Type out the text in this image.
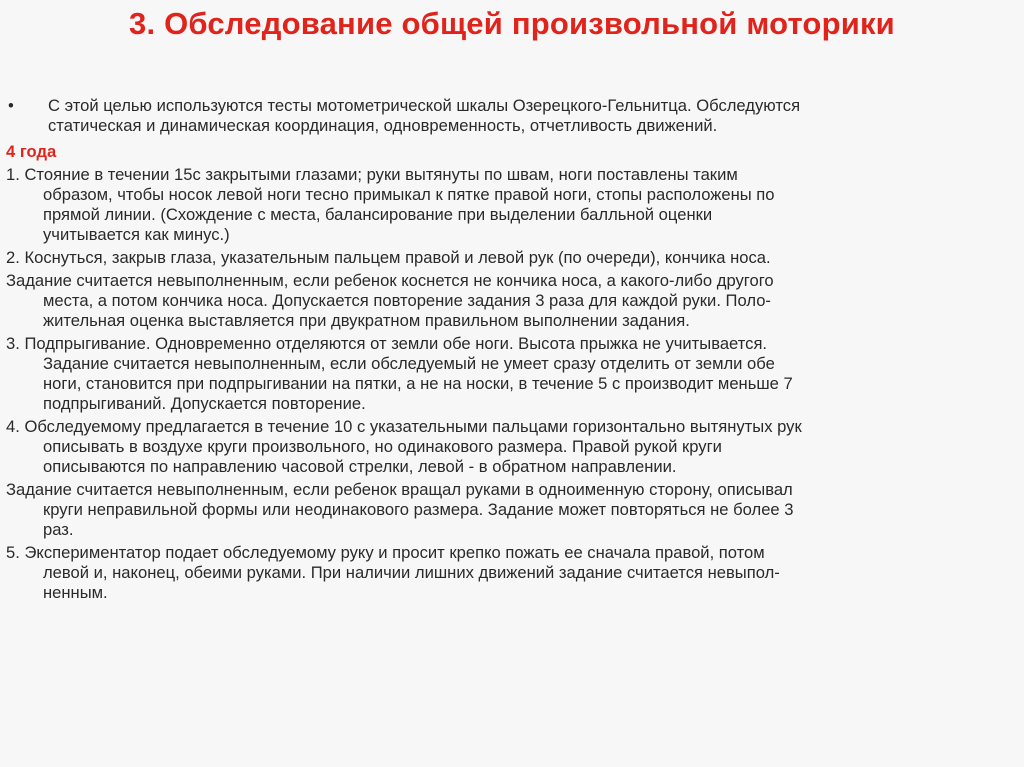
3. Обследование общей произвольной моторики
• С этой целью используются тесты мотометрической шкалы Озерецкого-Гельнитца. Обследуются
статическая и динамическая координация, одновременность, отчетливость движений.
4 года
1. Стояние в течении 15с закрытыми глазами; руки вытянуты по швам, ноги поставлены таким
образом, чтобы носок левой ноги тесно примыкал к пятке правой ноги, стопы расположены по
прямой линии. (Схождение с места, балансирование при выделении балльной оценки
учитывается как минус.)
2. Коснуться, закрыв глаза, указательным пальцем правой и левой рук (по очереди), кончика носа.
Задание считается невыполненным, если ребенок коснется не кончика носа, а какого-либо другого
места, а потом кончика носа. Допускается повторение задания 3 раза для каждой руки. Поло-
жительная оценка выставляется при двукратном правильном выполнении задания.
3. Подпрыгивание. Одновременно отделяются от земли обе ноги. Высота прыжка не учитывается.
Задание считается невыполненным, если обследуемый не умеет сразу отделить от земли обе
ноги, становится при подпрыгивании на пятки, а не на носки, в течение 5 с производит меньше 7
подпрыгиваний. Допускается повторение.
4. Обследуемому предлагается в течение 10 с указательными пальцами горизонтально вытянутых рук
описывать в воздухе круги произвольного, но одинакового размера. Правой рукой круги
описываются по направлению часовой стрелки, левой - в обратном направлении.
Задание считается невыполненным, если ребенок вращал руками в одноименную сторону, описывал
круги неправильной формы или неодинакового размера. Задание может повторяться не более 3
раз.
5. Экспериментатор подает обследуемому руку и просит крепко пожать ее сначала правой, потом
левой и, наконец, обеими руками. При наличии лишних движений задание считается невыпол-
ненным.
